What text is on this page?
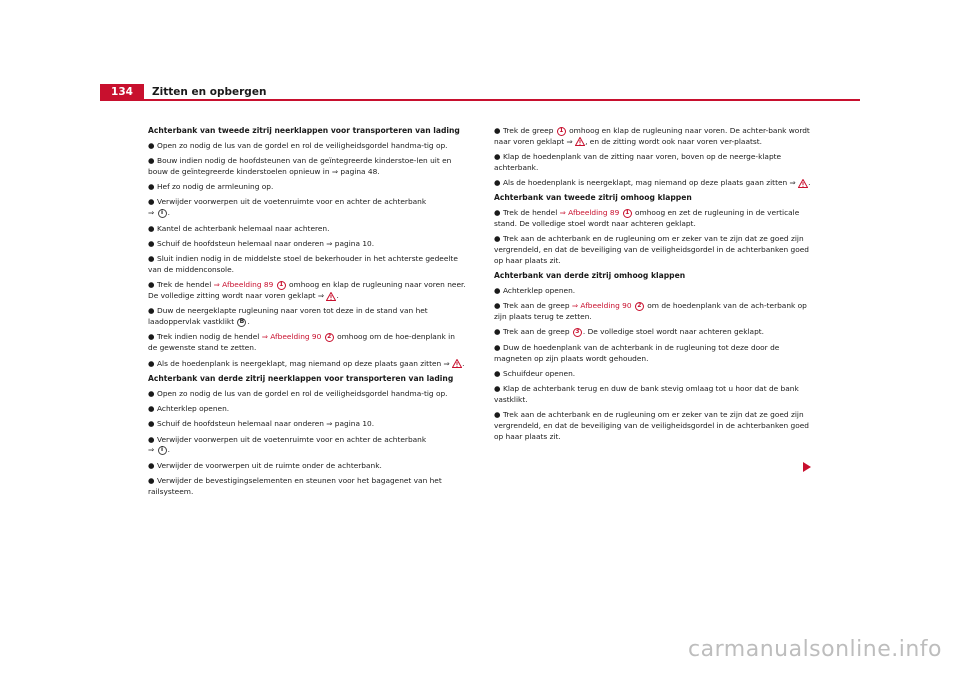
134	Zitten en opbergen
Achterbank van tweede zitrij neerklappen voor transporteren van lading
● Open zo nodig de lus van de gordel en rol de veiligheidsgordel handma-tig op.
● Bouw indien nodig de hoofdsteunen van de geïntegreerde kinderstoe-len uit en bouw de geïntegreerde kinderstoelen opnieuw in ⇒ pagina 48.
● Hef zo nodig de armleuning op.
● Verwijder voorwerpen uit de voetenruimte voor en achter de achterbank
⇒ i .
● Kantel de achterbank helemaal naar achteren.
● Schuif de hoofdsteun helemaal naar onderen ⇒ pagina 10.
● Sluit indien nodig in de middelste stoel de bekerhouder in het achterste gedeelte van de middenconsole.
● Trek de hendel ⇒ Afbeelding 89 1 omhoog en klap de rugleuning naar voren neer. De volledige zitting wordt naar voren geklapt ⇒ .
● Duw de neergeklapte rugleuning naar voren tot deze in de stand van het laadoppervlak vastklikt B .
● Trek indien nodig de hendel ⇒ Afbeelding 90 2 omhoog om de hoe-denplank in de gewenste stand te zetten.
● Als de hoedenplank is neergeklapt, mag niemand op deze plaats gaan zitten ⇒ .
Achterbank van derde zitrij neerklappen voor transporteren van lading
● Open zo nodig de lus van de gordel en rol de veiligheidsgordel handma-tig op.
● Achterklep openen.
● Schuif de hoofdsteun helemaal naar onderen ⇒ pagina 10.
● Verwijder voorwerpen uit de voetenruimte voor en achter de achterbank
⇒ i .
● Verwijder de voorwerpen uit de ruimte onder de achterbank.
● Verwijder de bevestigingselementen en steunen voor het bagagenet van het railsysteem.
● Trek de greep 1 omhoog en klap de rugleuning naar voren. De achter-bank wordt naar voren geklapt ⇒ , en de zitting wordt ook naar voren ver-plaatst.
● Klap de hoedenplank van de zitting naar voren, boven op de neerge-klapte achterbank.
● Als de hoedenplank is neergeklapt, mag niemand op deze plaats gaan zitten ⇒ .
Achterbank van tweede zitrij omhoog klappen
● Trek de hendel ⇒ Afbeelding 89 1 omhoog en zet de rugleuning in de verticale stand. De volledige stoel wordt naar achteren geklapt.
● Trek aan de achterbank en de rugleuning om er zeker van te zijn dat ze goed zijn vergrendeld, en dat de beveiliging van de veiligheidsgordel in de achterbanken goed op haar plaats zit.
Achterbank van derde zitrij omhoog klappen
● Achterklep openen.
● Trek aan de greep ⇒ Afbeelding 90 2 om de hoedenplank van de ach-terbank op zijn plaats terug te zetten.
● Trek aan de greep 3 . De volledige stoel wordt naar achteren geklapt.
● Duw de hoedenplank van de achterbank in de rugleuning tot deze door de magneten op zijn plaats wordt gehouden.
● Schuifdeur openen.
● Klap de achterbank terug en duw de bank stevig omlaag tot u hoor dat de bank vastklikt.
● Trek aan de achterbank en de rugleuning om er zeker van te zijn dat ze goed zijn vergrendeld, en dat de beveiliging van de veiligheidsgordel in de achterbanken goed op haar plaats zit.
carmanualsonline.info
